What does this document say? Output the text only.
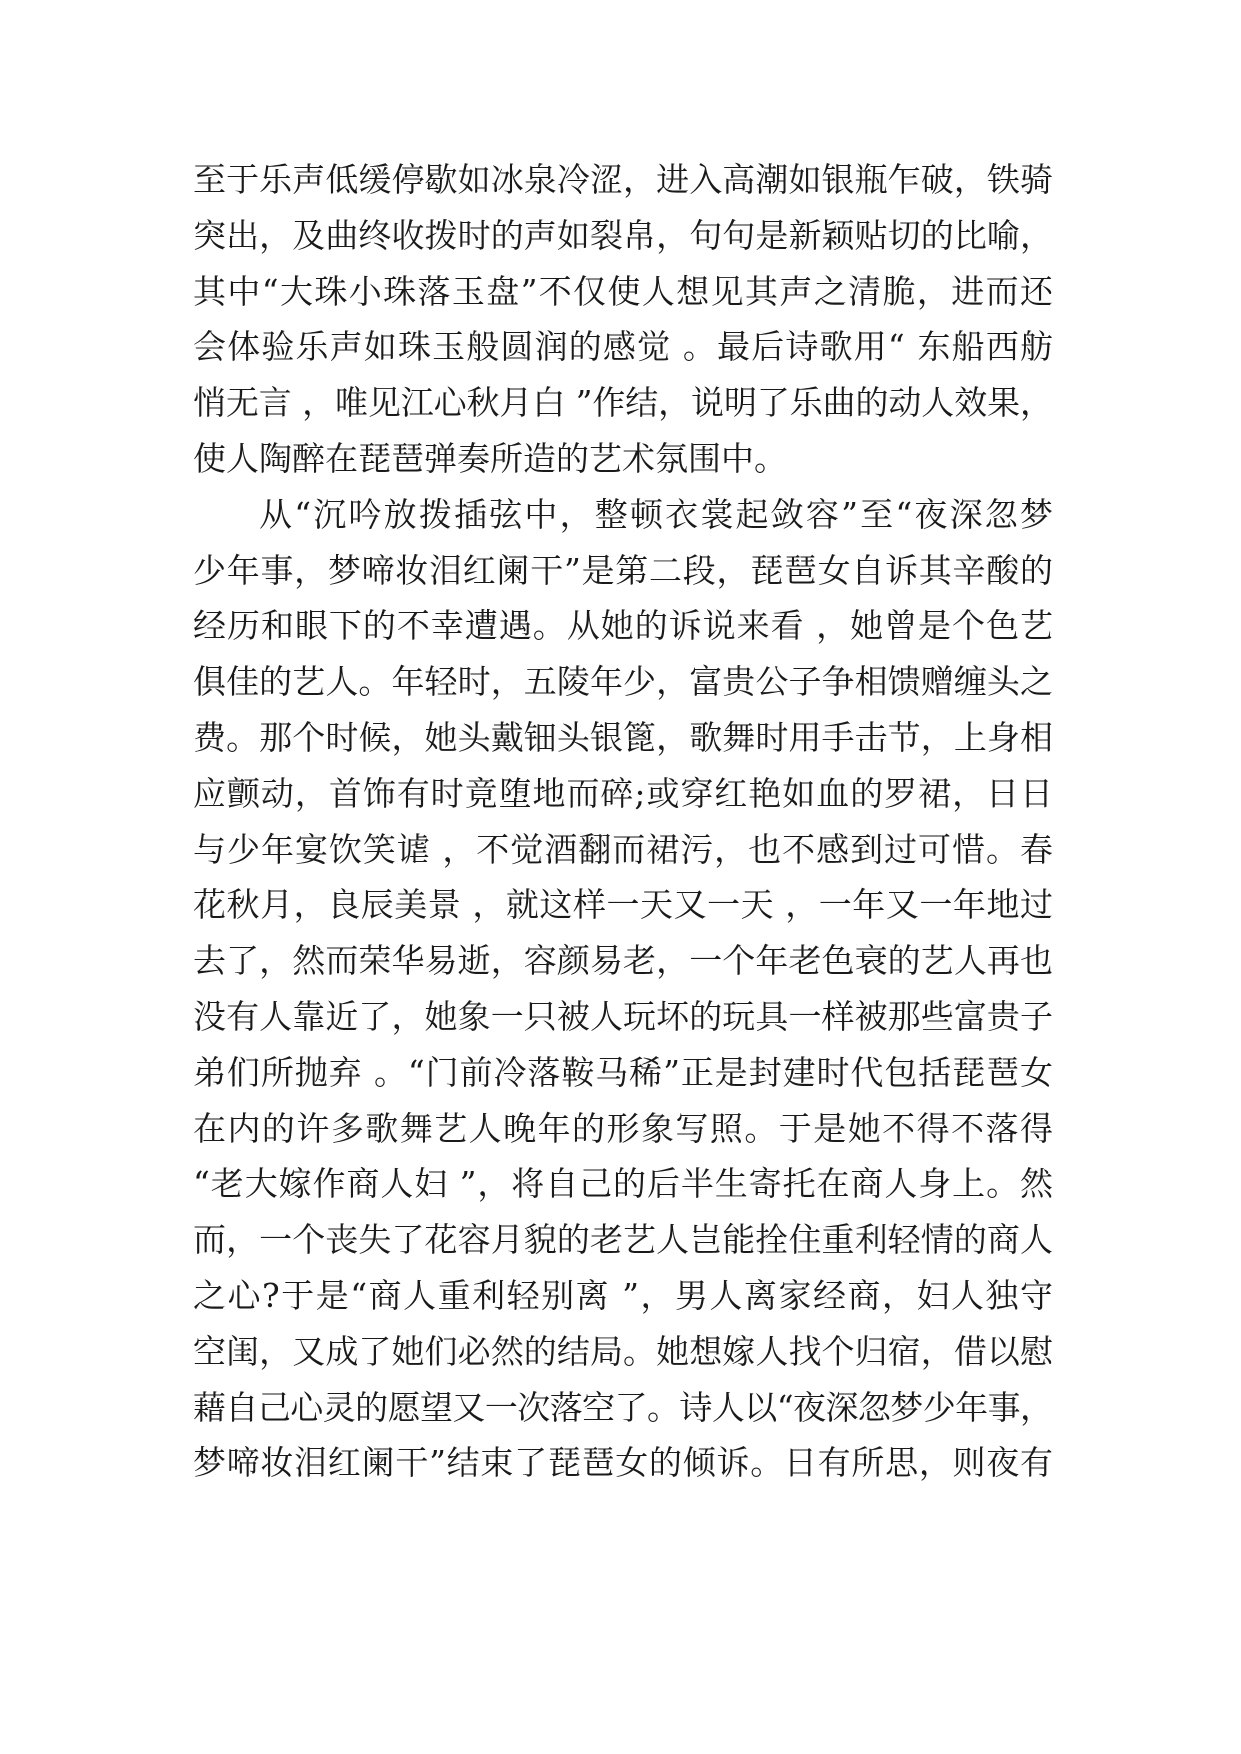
至于乐声低缓停歇如冰泉冷涩，进入高潮如银瓶乍破，铁骑
突出，及曲终收拨时的声如裂帛，句句是新颖贴切的比喻，
其中“大珠小珠落玉盘”不仅使人想见其声之清脆，进而还
会体验乐声如珠玉般圆润的感觉 。最后诗歌用“ 东船西舫
悄无言 ，唯见江心秋月白 ”作结，说明了乐曲的动人效果，
使人陶醉在琵琶弹奏所造的艺术氛围中。
从“沉吟放拨插弦中，整顿衣裳起敛容”至“夜深忽梦
少年事，梦啼妆泪红阑干”是第二段，琵琶女自诉其辛酸的
经历和眼下的不幸遭遇。从她的诉说来看 ，她曾是个色艺
俱佳的艺人。年轻时，五陵年少，富贵公子争相馈赠缠头之
费。那个时候，她头戴钿头银篦，歌舞时用手击节，上身相
应颤动，首饰有时竟堕地而碎;或穿红艳如血的罗裙，日日
与少年宴饮笑谑 ，不觉酒翻而裙污，也不感到过可惜。春
花秋月，良辰美景 ，就这样一天又一天 ，一年又一年地过
去了，然而荣华易逝，容颜易老，一个年老色衰的艺人再也
没有人靠近了，她象一只被人玩坏的玩具一样被那些富贵子
弟们所抛弃 。“门前冷落鞍马稀”正是封建时代包括琵琶女
在内的许多歌舞艺人晚年的形象写照。于是她不得不落得
“老大嫁作商人妇 ”，将自己的后半生寄托在商人身上。然
而，一个丧失了花容月貌的老艺人岂能拴住重利轻情的商人
之心?于是“商人重利轻别离 ”，男人离家经商，妇人独守
空闺，又成了她们必然的结局。她想嫁人找个归宿，借以慰
藉自己心灵的愿望又一次落空了。诗人以“夜深忽梦少年事，
梦啼妆泪红阑干”结束了琵琶女的倾诉。日有所思，则夜有
